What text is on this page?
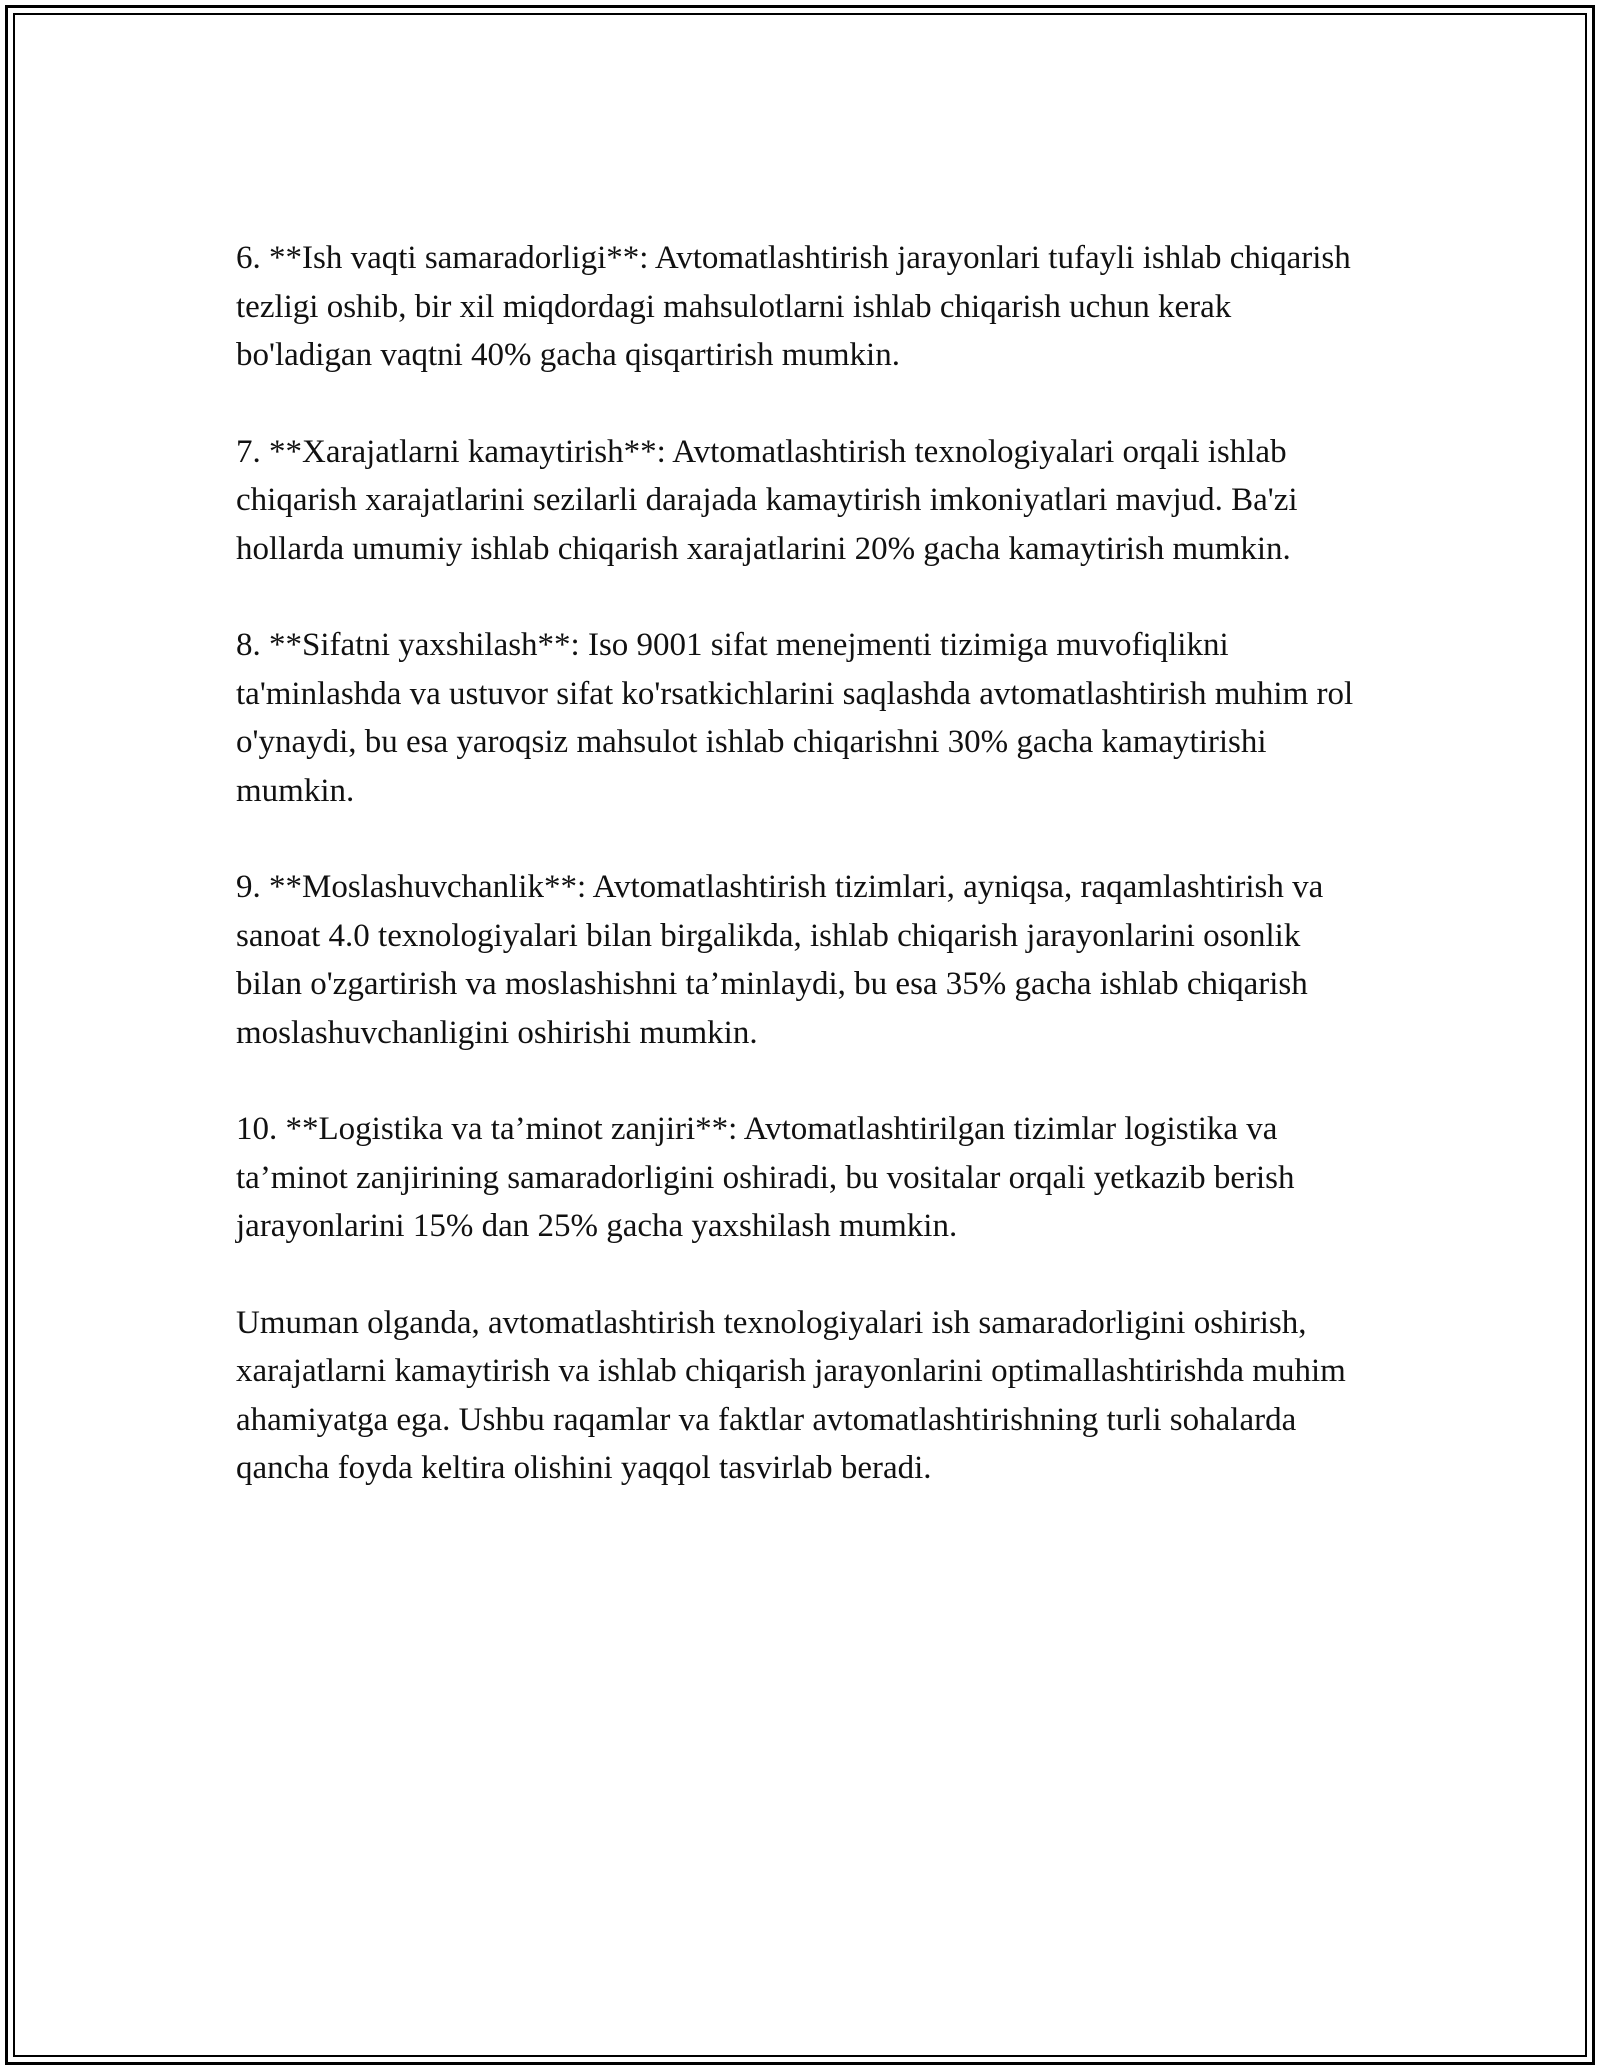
6. **Ish vaqti samaradorligi**: Avtomatlashtirish jarayonlari tufayli ishlab chiqarish tezligi oshib, bir xil miqdordagi mahsulotlarni ishlab chiqarish uchun kerak bo'ladigan vaqtni 40% gacha qisqartirish mumkin.

7. **Xarajatlarni kamaytirish**: Avtomatlashtirish texnologiyalari orqali ishlab chiqarish xarajatlarini sezilarli darajada kamaytirish imkoniyatlari mavjud. Ba'zi hollarda umumiy ishlab chiqarish xarajatlarini 20% gacha kamaytirish mumkin.

8. **Sifatni yaxshilash**: Iso 9001 sifat menejmenti tizimiga muvofiqlikni ta'minlashda va ustuvor sifat ko'rsatkichlarini saqlashda avtomatlashtirish muhim rol o'ynaydi, bu esa yaroqsiz mahsulot ishlab chiqarishni 30% gacha kamaytirishi mumkin.

9. **Moslashuvchanlik**: Avtomatlashtirish tizimlari, ayniqsa, raqamlashtirish va sanoat 4.0 texnologiyalari bilan birgalikda, ishlab chiqarish jarayonlarini osonlik bilan o'zgartirish va moslashishni ta’minlaydi, bu esa 35% gacha ishlab chiqarish moslashuvchanligini oshirishi mumkin.

10. **Logistika va ta’minot zanjiri**: Avtomatlashtirilgan tizimlar logistika va ta’minot zanjirining samaradorligini oshiradi, bu vositalar orqali yetkazib berish jarayonlarini 15% dan 25% gacha yaxshilash mumkin.

Umuman olganda, avtomatlashtirish texnologiyalari ish samaradorligini oshirish, xarajatlarni kamaytirish va ishlab chiqarish jarayonlarini optimallashtirishda muhim ahamiyatga ega. Ushbu raqamlar va faktlar avtomatlashtirishning turli sohalarda qancha foyda keltira olishini yaqqol tasvirlab beradi.
